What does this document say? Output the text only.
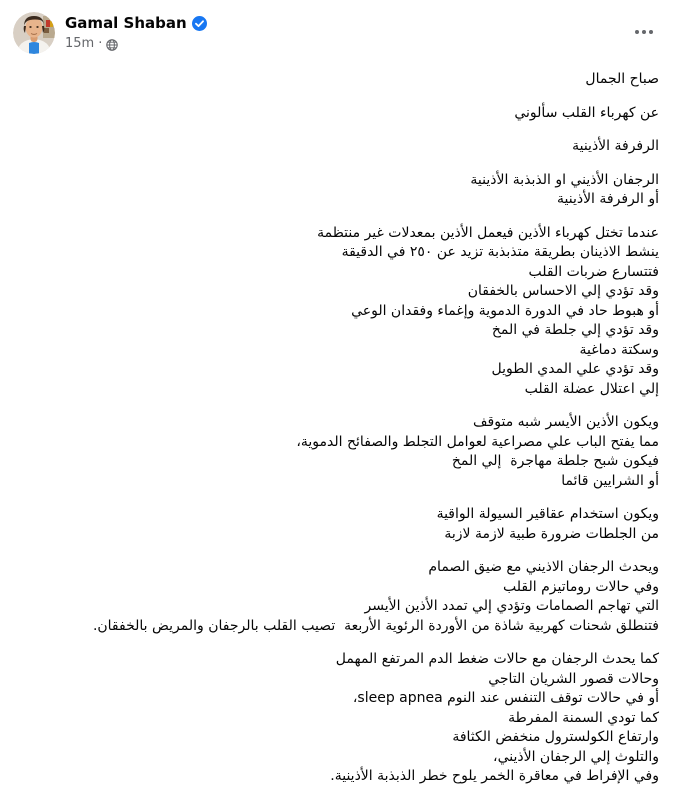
Gamal Shaban
15m ·

صباح الجمال

عن كهرباء القلب سألوني

الرفرفة الأذينية

الرجفان الأذيني او الذبذبة الأذينية
أو الرفرفة الأذينية

عندما تختل كهرباء الأذين فيعمل الأذين بمعدلات غير منتظمة
ينشط الاذينان بطريقة متذبذبة تزيد عن ٢٥٠ في الدقيقة
فتتسارع ضربات القلب
وقد تؤدي إلي الاحساس بالخفقان
أو هبوط حاد في الدورة الدموية وإغماء وفقدان الوعي
وقد تؤدي إلي جلطة في المخ
وسكتة دماغية
وقد تؤدي علي المدي الطويل
إلي اعتلال عضلة القلب

ويكون الأذين الأيسر شبه متوقف
مما يفتح الباب علي مصراعية لعوامل التجلط والصفائح الدموية،
فيكون شبح جلطة مهاجرة  إلي المخ
أو الشرايين قائما

ويكون استخدام عقاقير السيولة الواقية
من الجلطات ضرورة طبية لازمة لازبة

ويحدث الرجفان الاذيني مع ضيق الصمام
وفي حالات روماتيزم القلب
التي تهاجم الصمامات وتؤدي إلي تمدد الأذين الأيسر
فتنطلق شحنات كهربية شاذة من الأوردة الرئوية الأربعة  تصيب القلب بالرجفان والمريض بالخفقان.

كما يحدث الرجفان مع حالات ضغط الدم المرتفع المهمل
وحالات قصور الشريان التاجي
أو في حالات توقف التنفس عند النوم sleep apnea،
كما تودي السمنة المفرطة
وارتفاع الكولسترول منخفض الكثافة
والتلوث إلي الرجفان الأذيني،
وفي الإفراط في معاقرة الخمر يلوح خطر الذبذبة الأذينية.
